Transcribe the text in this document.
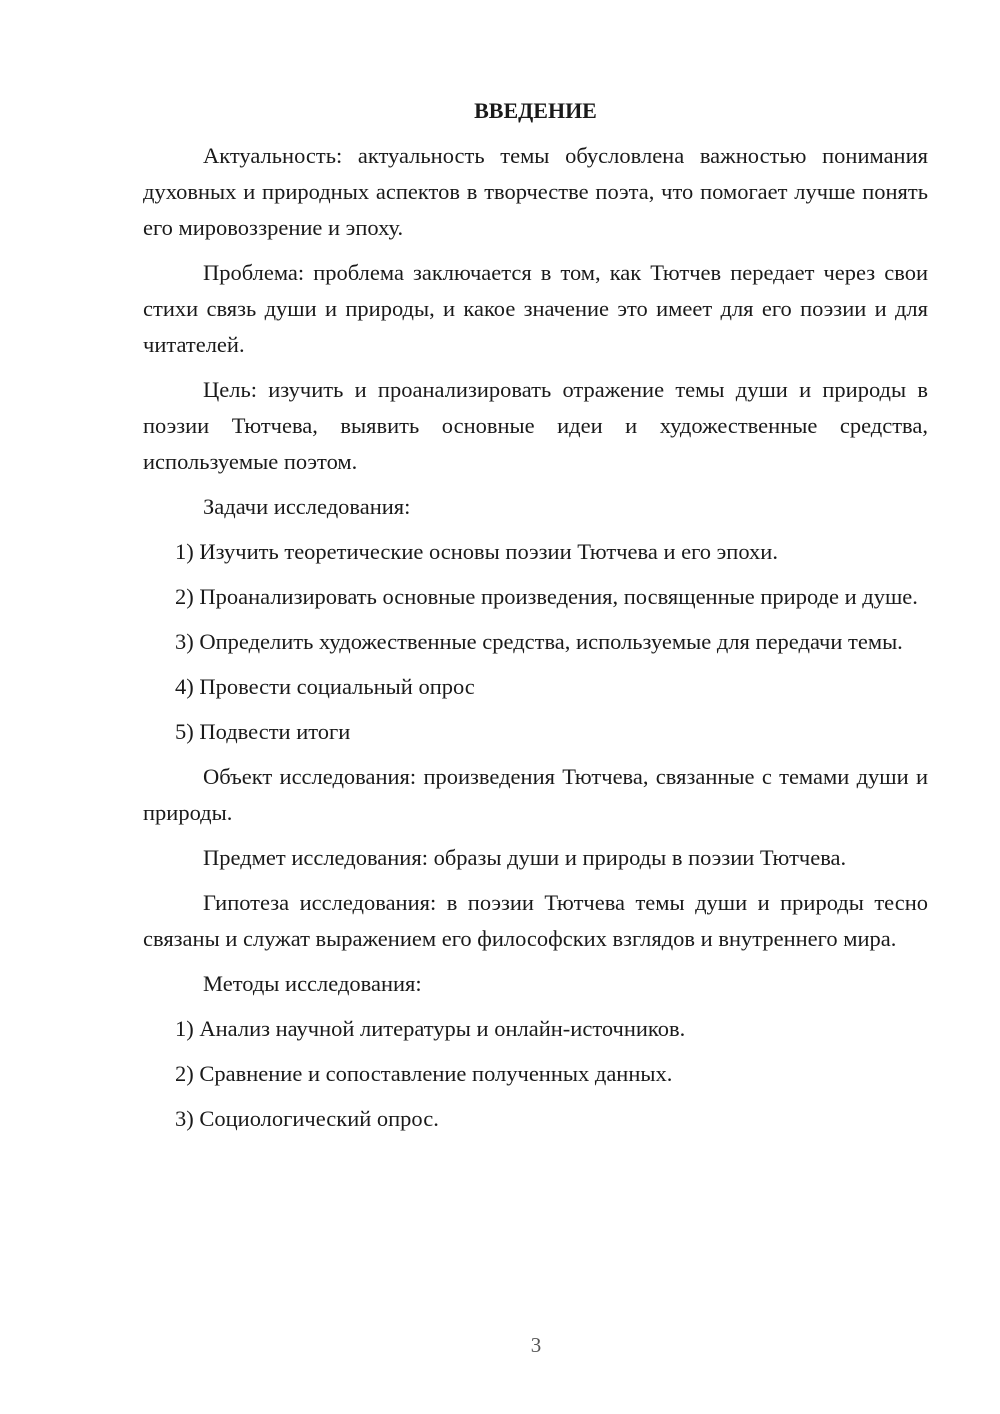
ВВЕДЕНИЕ

Актуальность: актуальность темы обусловлена важностью понимания духовных и природных аспектов в творчестве поэта, что помогает лучше понять его мировоззрение и эпоху.

Проблема: проблема заключается в том, как Тютчев передает через свои стихи связь души и природы, и какое значение это имеет для его поэзии и для читателей.

Цель: изучить и проанализировать отражение темы души и природы в поэзии Тютчева, выявить основные идеи и художественные средства, используемые поэтом.

Задачи исследования:

1) Изучить теоретические основы поэзии Тютчева и его эпохи.

2) Проанализировать основные произведения, посвященные природе и душе.

3) Определить художественные средства, используемые для передачи темы.

4) Провести социальный опрос

5) Подвести итоги

Объект исследования: произведения Тютчева, связанные с темами души и природы.

Предмет исследования: образы души и природы в поэзии Тютчева.

Гипотеза исследования: в поэзии Тютчева темы души и природы тесно связаны и служат выражением его философских взглядов и внутреннего мира.

Методы исследования:

1) Анализ научной литературы и онлайн-источников.

2) Сравнение и сопоставление полученных данных.

3) Социологический опрос.

3
